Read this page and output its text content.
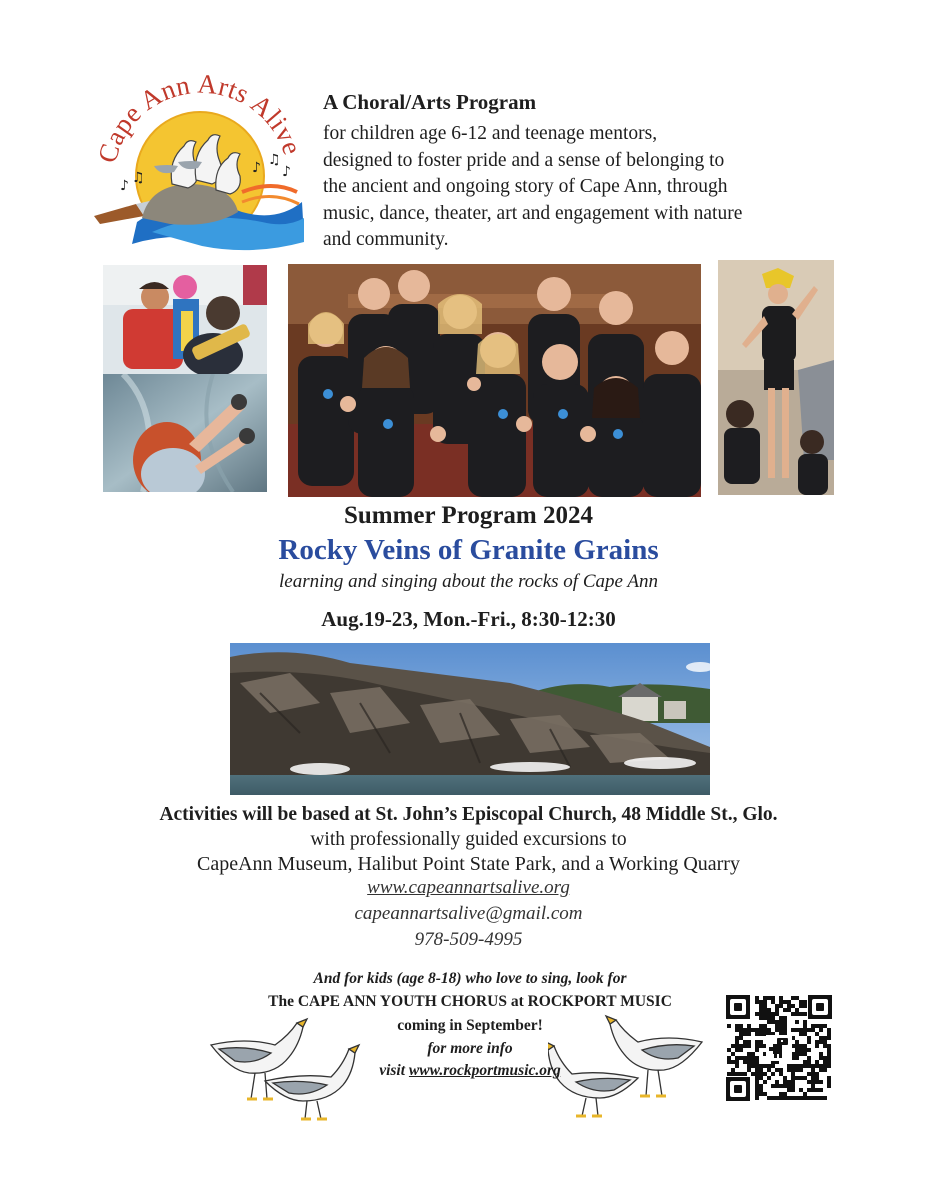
♪ ♫
♪
♪ ♫
Cape Ann Arts Alive
A Choral/Arts Program

for children age 6-12 and teenage mentors,
designed to foster pride and a sense of belonging to
the ancient and ongoing story of Cape Ann, through
music, dance, theater, art and engagement with nature
and community.

Summer Program 2024
Rocky Veins of Granite Grains
learning and singing about the rocks of Cape Ann
Aug.19-23, Mon.-Fri., 8:30-12:30
Activities will be based at St. John’s Episcopal Church, 48 Middle St., Glo.
with professionally guided excursions to
CapeAnn Museum, Halibut Point State Park, and a Working Quarry
www.capeannartsalive.org
capeannartsalive@gmail.com
978-509-4995
And for kids (age 8-18) who love to sing, look for
The CAPE ANN YOUTH CHORUS at ROCKPORT MUSIC
coming in September!
for more info
visit www.rockportmusic.org
